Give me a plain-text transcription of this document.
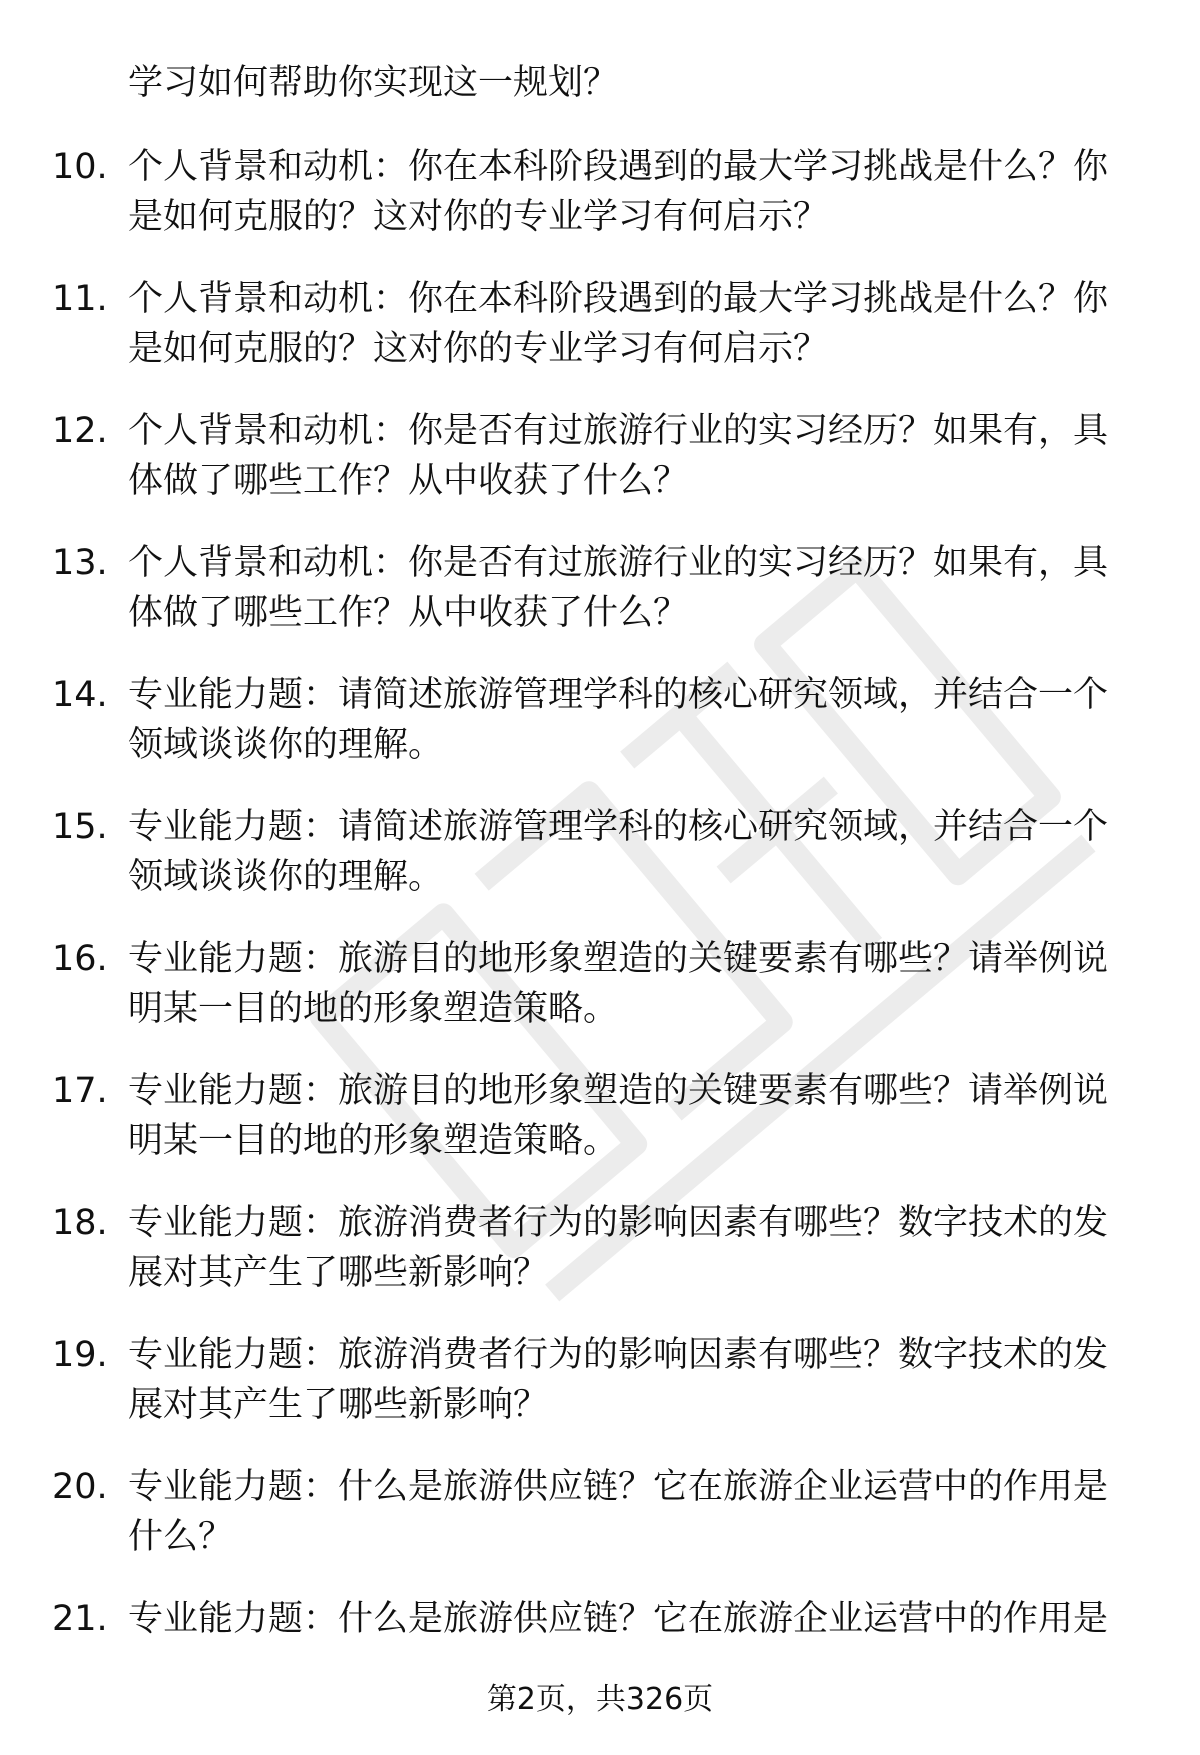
学习如何帮助你实现这一规划？

10. 个人背景和动机：你在本科阶段遇到的最大学习挑战是什么？你
是如何克服的？这对你的专业学习有何启示？
11. 个人背景和动机：你在本科阶段遇到的最大学习挑战是什么？你
是如何克服的？这对你的专业学习有何启示？
12. 个人背景和动机：你是否有过旅游行业的实习经历？如果有，具
体做了哪些工作？从中收获了什么？
13. 个人背景和动机：你是否有过旅游行业的实习经历？如果有，具
体做了哪些工作？从中收获了什么？
14. 专业能力题：请简述旅游管理学科的核心研究领域，并结合一个
领域谈谈你的理解。
15. 专业能力题：请简述旅游管理学科的核心研究领域，并结合一个
领域谈谈你的理解。
16. 专业能力题：旅游目的地形象塑造的关键要素有哪些？请举例说
明某一目的地的形象塑造策略。
17. 专业能力题：旅游目的地形象塑造的关键要素有哪些？请举例说
明某一目的地的形象塑造策略。
18. 专业能力题：旅游消费者行为的影响因素有哪些？数字技术的发
展对其产生了哪些新影响？
19. 专业能力题：旅游消费者行为的影响因素有哪些？数字技术的发
展对其产生了哪些新影响？
20. 专业能力题：什么是旅游供应链？它在旅游企业运营中的作用是
什么？
21. 专业能力题：什么是旅游供应链？它在旅游企业运营中的作用是
第2页，共326页
